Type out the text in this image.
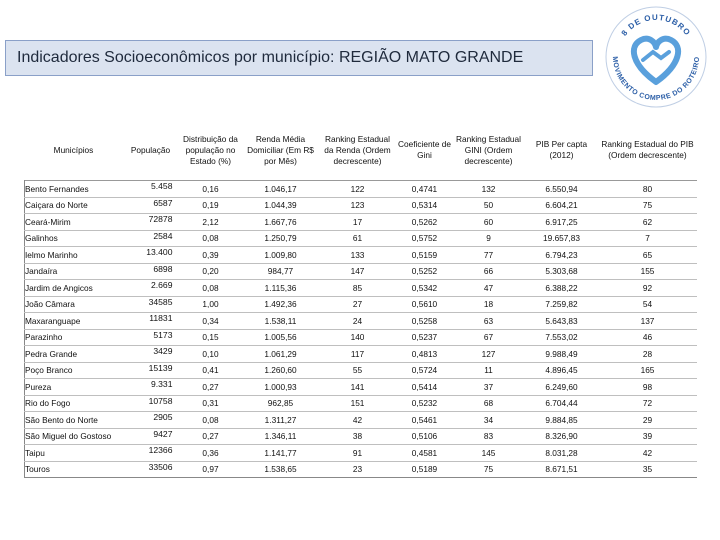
Indicadores Socioeconômicos por município: REGIÃO MATO GRANDE
8 DE OUTUBRO
MOVIMENTO COMPRE DO ROTEIRO
Municípios	População	Distribuição da população no Estado (%)	Renda Média Domiciliar (Em R$ por Mês)	Ranking Estadual da Renda (Ordem decrescente)	Coeficiente de Gini	Ranking Estadual GINI (Ordem decrescente)	PIB Per capta (2012)	Ranking Estadual do PIB (Ordem decrescente)
Bento Fernandes	5.458	0,16	1.046,17	122	0,4741	132	6.550,94	80
Caiçara do Norte	6587	0,19	1.044,39	123	0,5314	50	6.604,21	75
Ceará-Mirim	72878	2,12	1.667,76	17	0,5262	60	6.917,25	62
Galinhos	2584	0,08	1.250,79	61	0,5752	9	19.657,83	7
Ielmo Marinho	13.400	0,39	1.009,80	133	0,5159	77	6.794,23	65
Jandaíra	6898	0,20	984,77	147	0,5252	66	5.303,68	155
Jardim de Angicos	2.669	0,08	1.115,36	85	0,5342	47	6.388,22	92
João Câmara	34585	1,00	1.492,36	27	0,5610	18	7.259,82	54
Maxaranguape	11831	0,34	1.538,11	24	0,5258	63	5.643,83	137
Parazinho	5173	0,15	1.005,56	140	0,5237	67	7.553,02	46
Pedra Grande	3429	0,10	1.061,29	117	0,4813	127	9.988,49	28
Poço Branco	15139	0,41	1.260,60	55	0,5724	11	4.896,45	165
Pureza	9.331	0,27	1.000,93	141	0,5414	37	6.249,60	98
Rio do Fogo	10758	0,31	962,85	151	0,5232	68	6.704,44	72
São Bento do Norte	2905	0,08	1.311,27	42	0,5461	34	9.884,85	29
São Miguel do Gostoso	9427	0,27	1.346,11	38	0,5106	83	8.326,90	39
Taipu	12366	0,36	1.141,77	91	0,4581	145	8.031,28	42
Touros	33506	0,97	1.538,65	23	0,5189	75	8.671,51	35
